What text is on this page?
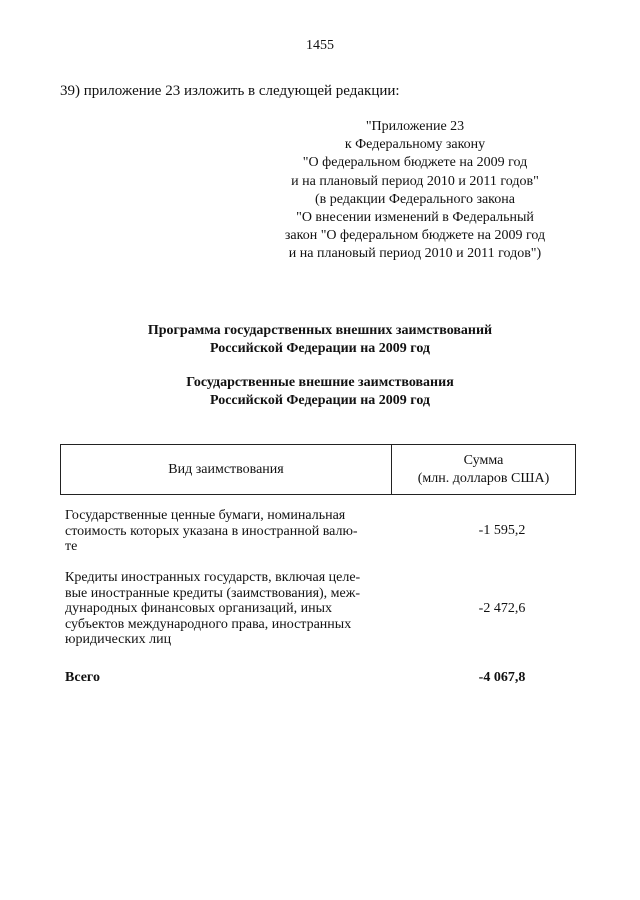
1455
39) приложение 23 изложить в следующей редакции:
"Приложение 23
к Федеральному закону
"О федеральном бюджете на 2009 год
и на плановый период 2010 и 2011 годов"
(в редакции Федерального закона
"О внесении изменений в Федеральный
закон "О федеральном бюджете на 2009 год
и на плановый период 2010 и 2011 годов")
Программа государственных внешних заимствований
Российской Федерации на 2009 год
Государственные внешние заимствования
Российской Федерации на 2009 год
Вид заимствования
Сумма
(млн. долларов США)
Государственные ценные бумаги, номинальная
стоимость которых указана в иностранной валю-
те
-1 595,2
Кредиты иностранных государств, включая целе-
вые иностранные кредиты (заимствования), меж-
дународных финансовых организаций, иных
субъектов международного права, иностранных
юридических лиц
-2 472,6
Всего	-4 067,8
